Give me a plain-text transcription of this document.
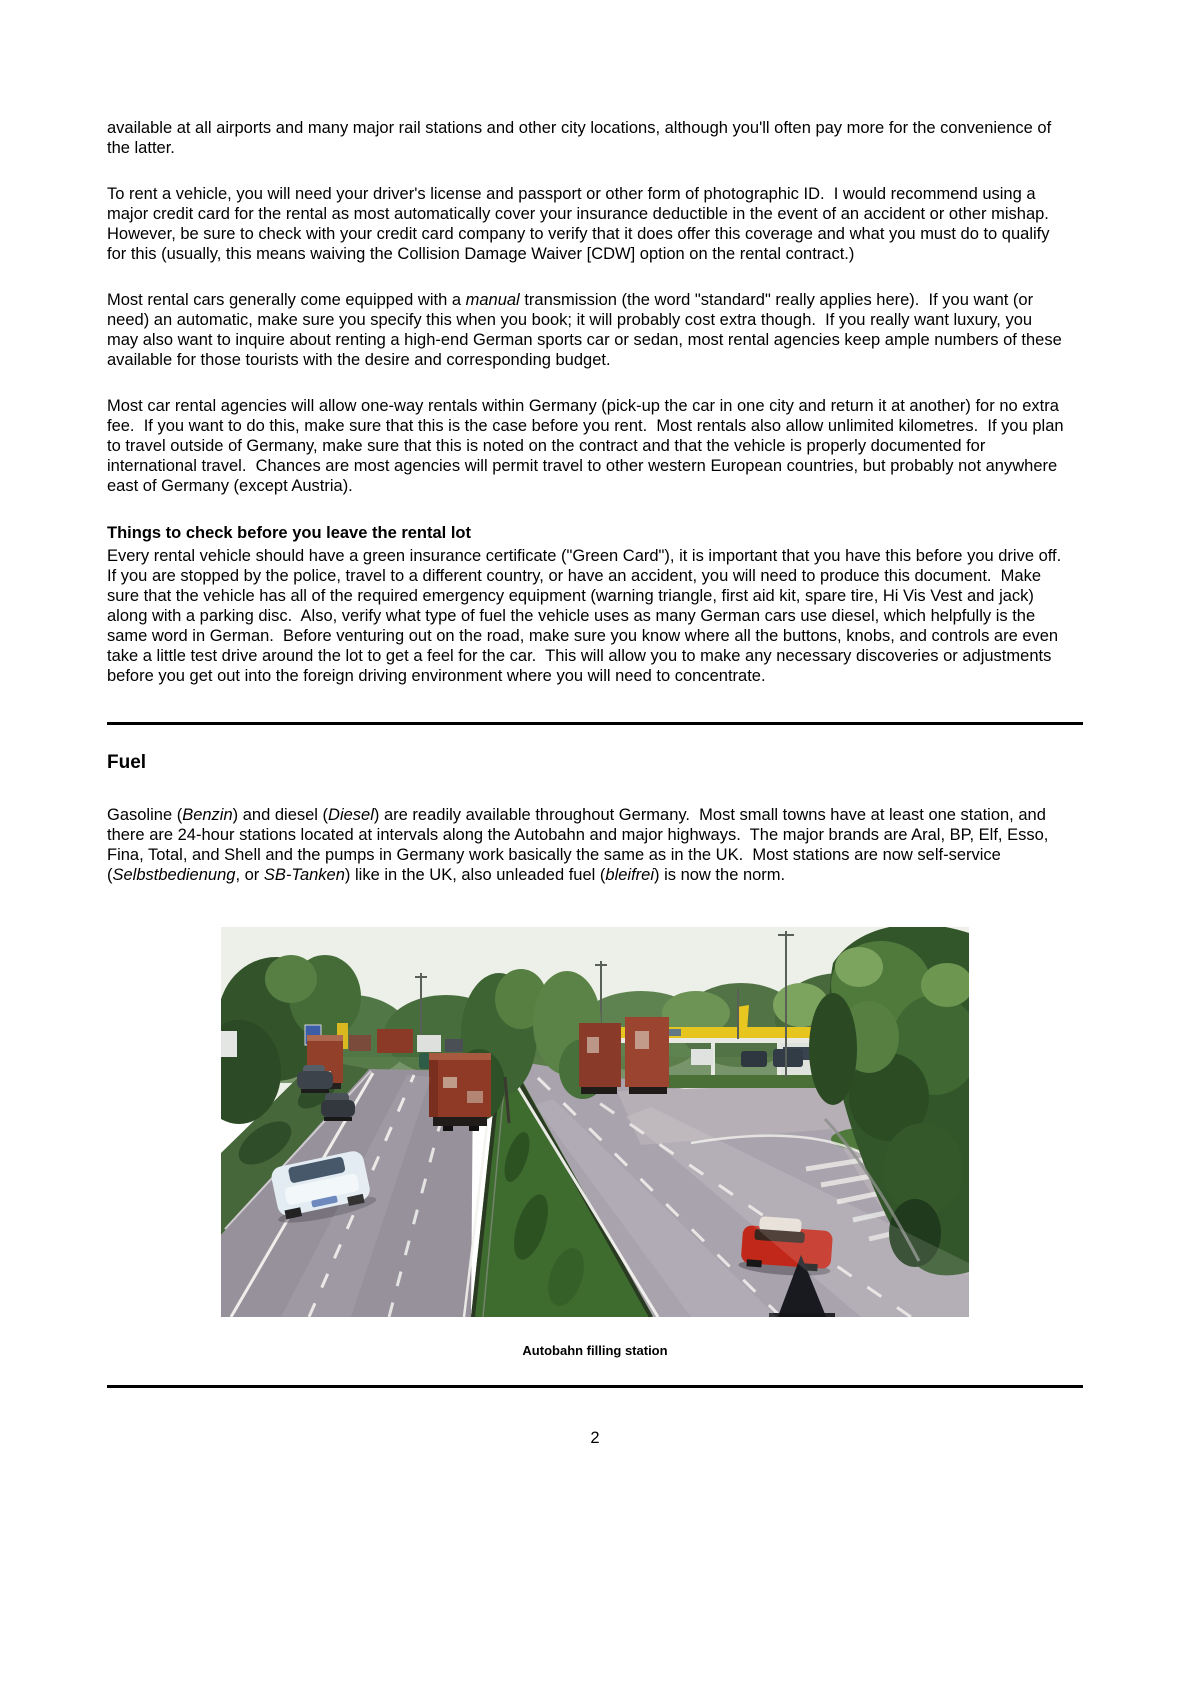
available at all airports and many major rail stations and other city locations, although you'll often pay more for the convenience of the latter.

To rent a vehicle, you will need your driver's license and passport or other form of photographic ID.  I would recommend using a major credit card for the rental as most automatically cover your insurance deductible in the event of an accident or other mishap.  However, be sure to check with your credit card company to verify that it does offer this coverage and what you must do to qualify for this (usually, this means waiving the Collision Damage Waiver [CDW] option on the rental contract.)

Most rental cars generally come equipped with a manual transmission (the word "standard" really applies here).  If you want (or need) an automatic, make sure you specify this when you book; it will probably cost extra though.  If you really want luxury, you may also want to inquire about renting a high-end German sports car or sedan, most rental agencies keep ample numbers of these available for those tourists with the desire and corresponding budget.

Most car rental agencies will allow one-way rentals within Germany (pick-up the car in one city and return it at another) for no extra fee.  If you want to do this, make sure that this is the case before you rent.  Most rentals also allow unlimited kilometres.  If you plan to travel outside of Germany, make sure that this is noted on the contract and that the vehicle is properly documented for international travel.  Chances are most agencies will permit travel to other western European countries, but probably not anywhere east of Germany (except Austria).

Things to check before you leave the rental lot

Every rental vehicle should have a green insurance certificate ("Green Card"), it is important that you have this before you drive off.  If you are stopped by the police, travel to a different country, or have an accident, you will need to produce this document.  Make sure that the vehicle has all of the required emergency equipment (warning triangle, first aid kit, spare tire, Hi Vis Vest and jack) along with a parking disc.  Also, verify what type of fuel the vehicle uses as many German cars use diesel, which helpfully is the same word in German.  Before venturing out on the road, make sure you know where all the buttons, knobs, and controls are even take a little test drive around the lot to get a feel for the car.  This will allow you to make any necessary discoveries or adjustments before you get out into the foreign driving environment where you will need to concentrate.

Fuel

Gasoline (Benzin) and diesel (Diesel) are readily available throughout Germany.  Most small towns have at least one station, and there are 24-hour stations located at intervals along the Autobahn and major highways.  The major brands are Aral, BP, Elf, Esso, Fina, Total, and Shell and the pumps in Germany work basically the same as in the UK.  Most stations are now self-service (Selbstbedienung, or SB-Tanken) like in the UK, also unleaded fuel (bleifrei) is now the norm.

Autobahn filling station
2
